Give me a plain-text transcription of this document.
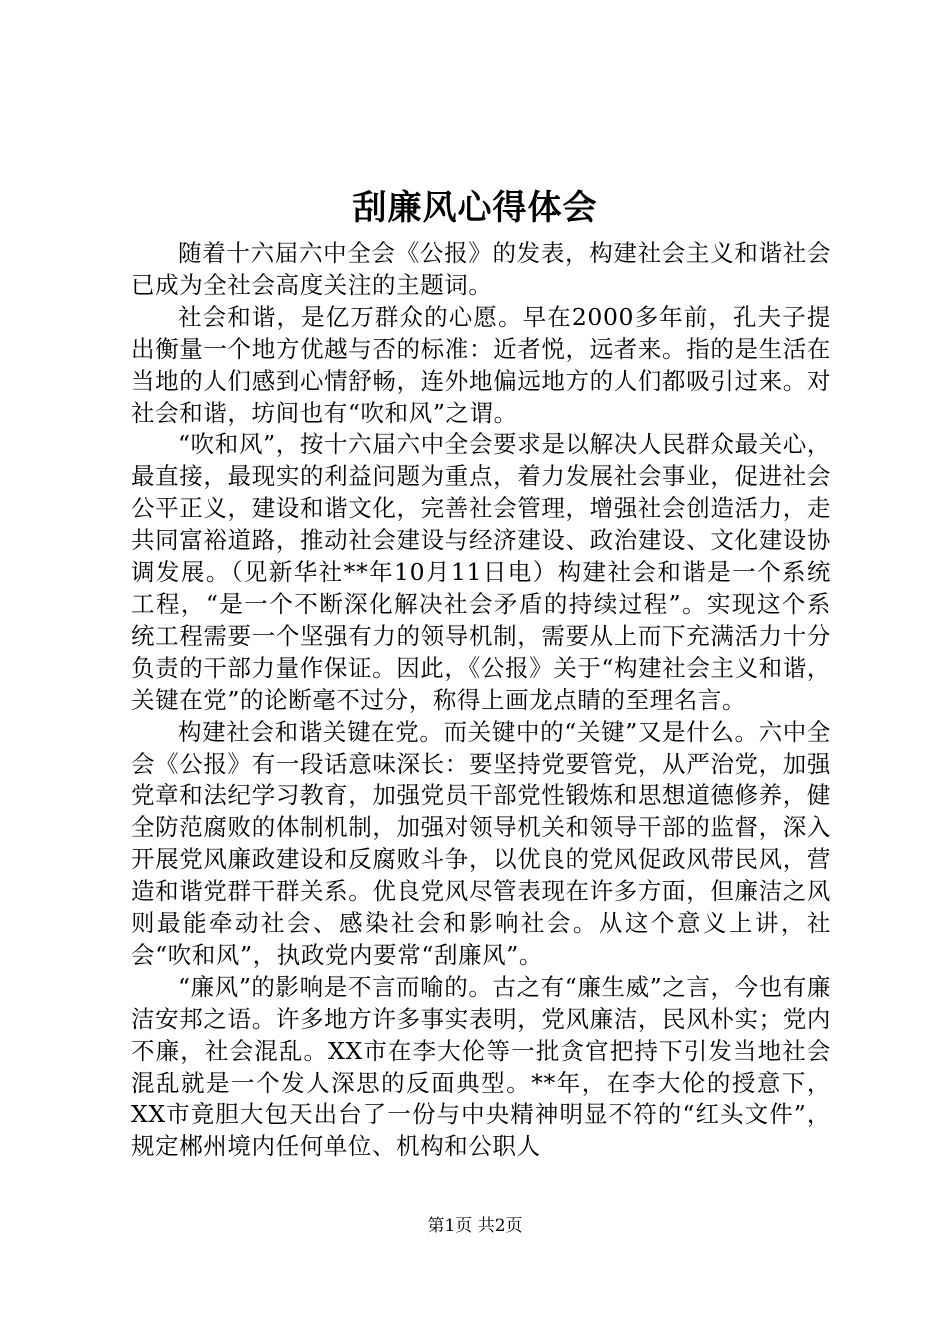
刮廉风心得体会

随着十六届六中全会《公报》的发表，构建社会主义和谐社会已成为全社会高度关注的主题词。

社会和谐，是亿万群众的心愿。早在2000多年前，孔夫子提出衡量一个地方优越与否的标准：近者悦，远者来。指的是生活在当地的人们感到心情舒畅，连外地偏远地方的人们都吸引过来。对社会和谐，坊间也有“吹和风”之谓。

“吹和风”，按十六届六中全会要求是以解决人民群众最关心，最直接，最现实的利益问题为重点，着力发展社会事业，促进社会公平正义，建设和谐文化，完善社会管理，增强社会创造活力，走共同富裕道路，推动社会建设与经济建设、政治建设、文化建设协调发展。（见新华社**年10月11日电）构建社会和谐是一个系统工程，“是一个不断深化解决社会矛盾的持续过程”。实现这个系统工程需要一个坚强有力的领导机制，需要从上而下充满活力十分负责的干部力量作保证。因此，《公报》关于“构建社会主义和谐，关键在党”的论断毫不过分，称得上画龙点睛的至理名言。

构建社会和谐关键在党。而关键中的“关键”又是什么。六中全会《公报》有一段话意味深长：要坚持党要管党，从严治党，加强党章和法纪学习教育，加强党员干部党性锻炼和思想道德修养，健全防范腐败的体制机制，加强对领导机关和领导干部的监督，深入开展党风廉政建设和反腐败斗争，以优良的党风促政风带民风，营造和谐党群干群关系。优良党风尽管表现在许多方面，但廉洁之风则最能牵动社会、感染社会和影响社会。从这个意义上讲，社会“吹和风”，执政党内要常“刮廉风”。

“廉风”的影响是不言而喻的。古之有“廉生威”之言，今也有廉洁安邦之语。许多地方许多事实表明，党风廉洁，民风朴实；党内不廉，社会混乱。XX市在李大伦等一批贪官把持下引发当地社会混乱就是一个发人深思的反面典型。**年，在李大伦的授意下，XX市竟胆大包天出台了一份与中央精神明显不符的“红头文件”，规定郴州境内任何单位、机构和公职人

第1页 共2页
